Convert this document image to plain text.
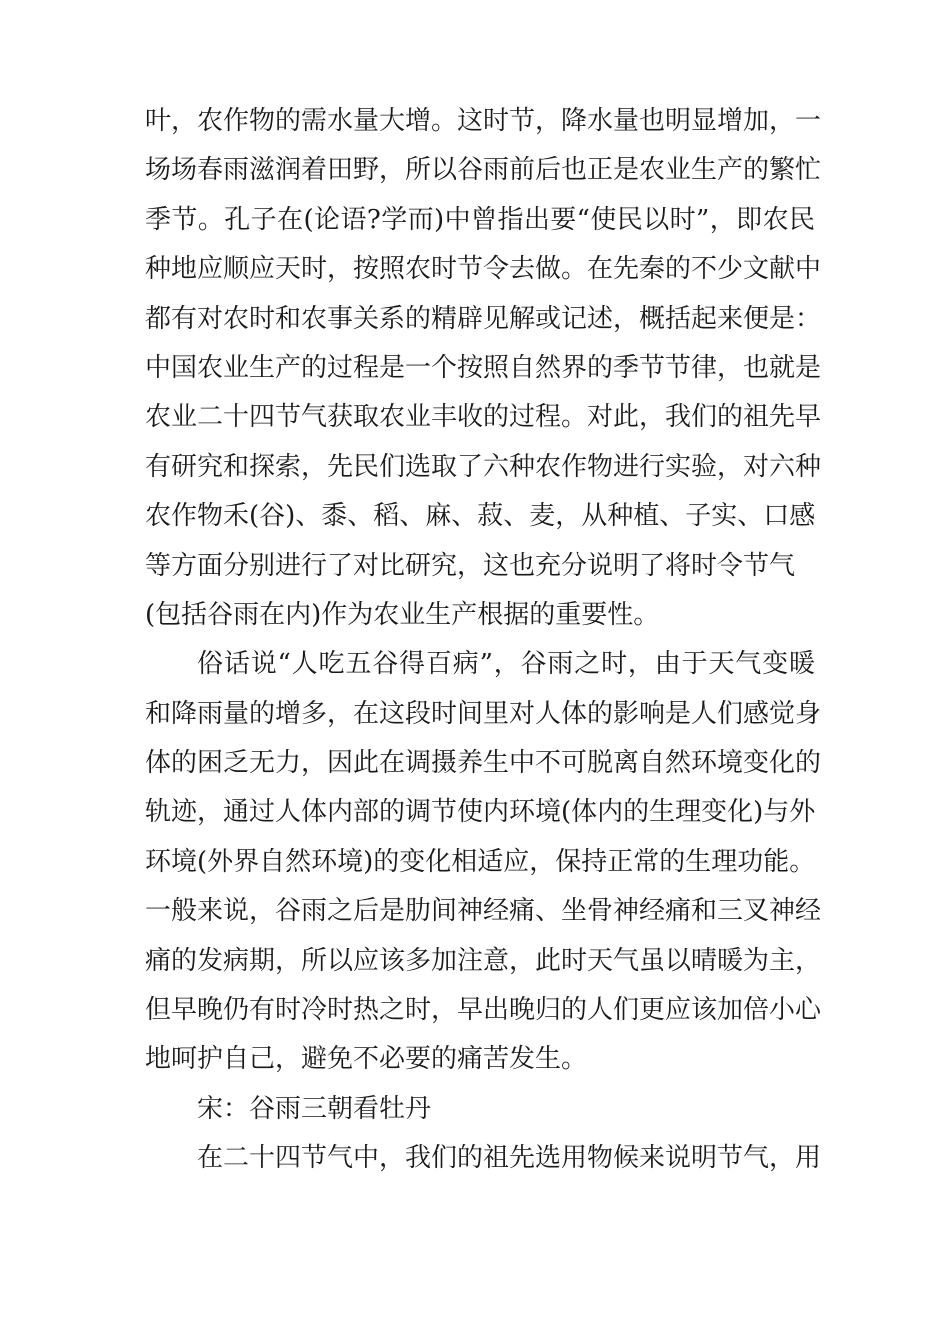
叶，农作物的需水量大增。这时节，降水量也明显增加，一
场场春雨滋润着田野，所以谷雨前后也正是农业生产的繁忙
季节。孔子在(论语?学而)中曾指出要“使民以时”，即农民
种地应顺应天时，按照农时节令去做。在先秦的不少文献中
都有对农时和农事关系的精辟见解或记述，概括起来便是：
中国农业生产的过程是一个按照自然界的季节节律，也就是
农业二十四节气获取农业丰收的过程。对此，我们的祖先早
有研究和探索，先民们选取了六种农作物进行实验，对六种
农作物禾(谷)、黍、稻、麻、菽、麦，从种植、子实、口感
等方面分别进行了对比研究，这也充分说明了将时令节气
(包括谷雨在内)作为农业生产根据的重要性。
俗话说“人吃五谷得百病”，谷雨之时，由于天气变暖
和降雨量的增多，在这段时间里对人体的影响是人们感觉身
体的困乏无力，因此在调摄养生中不可脱离自然环境变化的
轨迹，通过人体内部的调节使内环境(体内的生理变化)与外
环境(外界自然环境)的变化相适应，保持正常的生理功能。
一般来说，谷雨之后是肋间神经痛、坐骨神经痛和三叉神经
痛的发病期，所以应该多加注意，此时天气虽以晴暖为主，
但早晚仍有时冷时热之时，早出晚归的人们更应该加倍小心
地呵护自己，避免不必要的痛苦发生。
宋：谷雨三朝看牡丹
在二十四节气中，我们的祖先选用物候来说明节气，用
